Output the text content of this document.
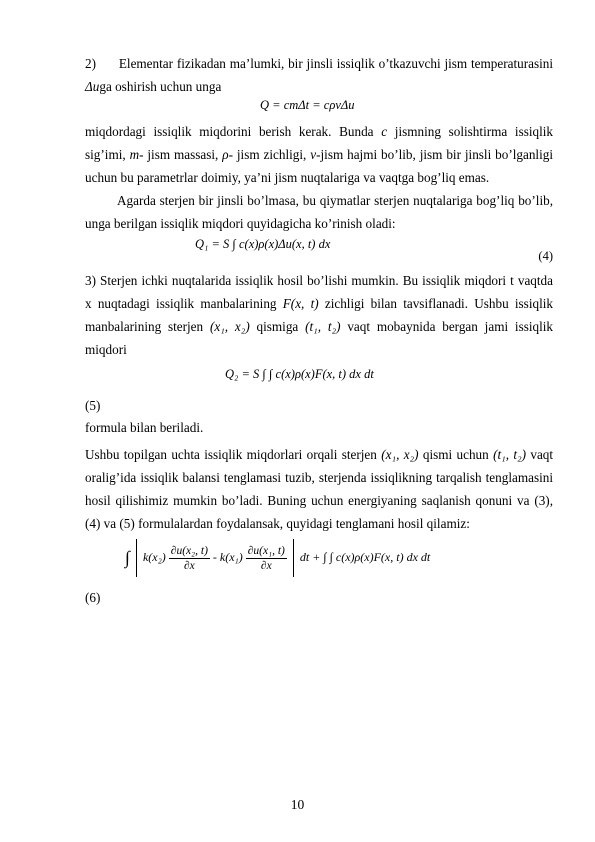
2) Elementar fizikadan ma’lumki, bir jinsli issiqlik o’tkazuvchi jism temperaturasini Δuga oshirish uchun unga

Q = cmΔt = cρvΔu

miqdordagi issiqlik miqdorini berish kerak. Bunda c jismning solishtirma issiqlik sig’imi, m- jism massasi, ρ- jism zichligi, v-jism hajmi bo’lib, jism bir jinsli bo’lganligi uchun bu parametrlar doimiy, ya’ni jism nuqtalariga va vaqtga bog’liq emas.

Agarda sterjen bir jinsli bo’lmasa, bu qiymatlar sterjen nuqtalariga bog’liq bo’lib, unga berilgan issiqlik miqdori quyidagicha ko’rinish oladi:

Q₁ = S ∫ c(x)ρ(x)Δu(x, t) dx
(4)

3) Sterjen ichki nuqtalarida issiqlik hosil bo’lishi mumkin. Bu issiqlik miqdori t vaqtda x nuqtadagi issiqlik manbalarining F(x, t) zichligi bilan tavsiflanadi. Ushbu issiqlik manbalarining sterjen (x₁, x₂) qismiga (t₁, t₂) vaqt mobaynida bergan jami issiqlik miqdori

Q₂ = S ∫ ∫ c(x)ρ(x)F(x, t) dx dt
(5)
formula bilan beriladi.

Ushbu topilgan uchta issiqlik miqdorlari orqali sterjen (x₁, x₂) qismi uchun (t₁, t₂) vaqt oralig’ida issiqlik balansi tenglamasi tuzib, sterjenda issiqlikning tarqalish tenglamasini hosil qilishimiz mumkin bo’ladi. Buning uchun energiyaning saqlanish qonuni va (3), (4) va (5) formulalardan foydalansak, quyidagi tenglamani hosil qilamiz:

∫ $k(x_2) \frac{\text{∂u(x₂, t)}}{\partial x} - k(x_1) \frac{\text{∂u(x₁, t)}}{\partial x}$ dt + ∫ ∫ c(x)ρ(x)F(x, t) dx dt
(6)
10
